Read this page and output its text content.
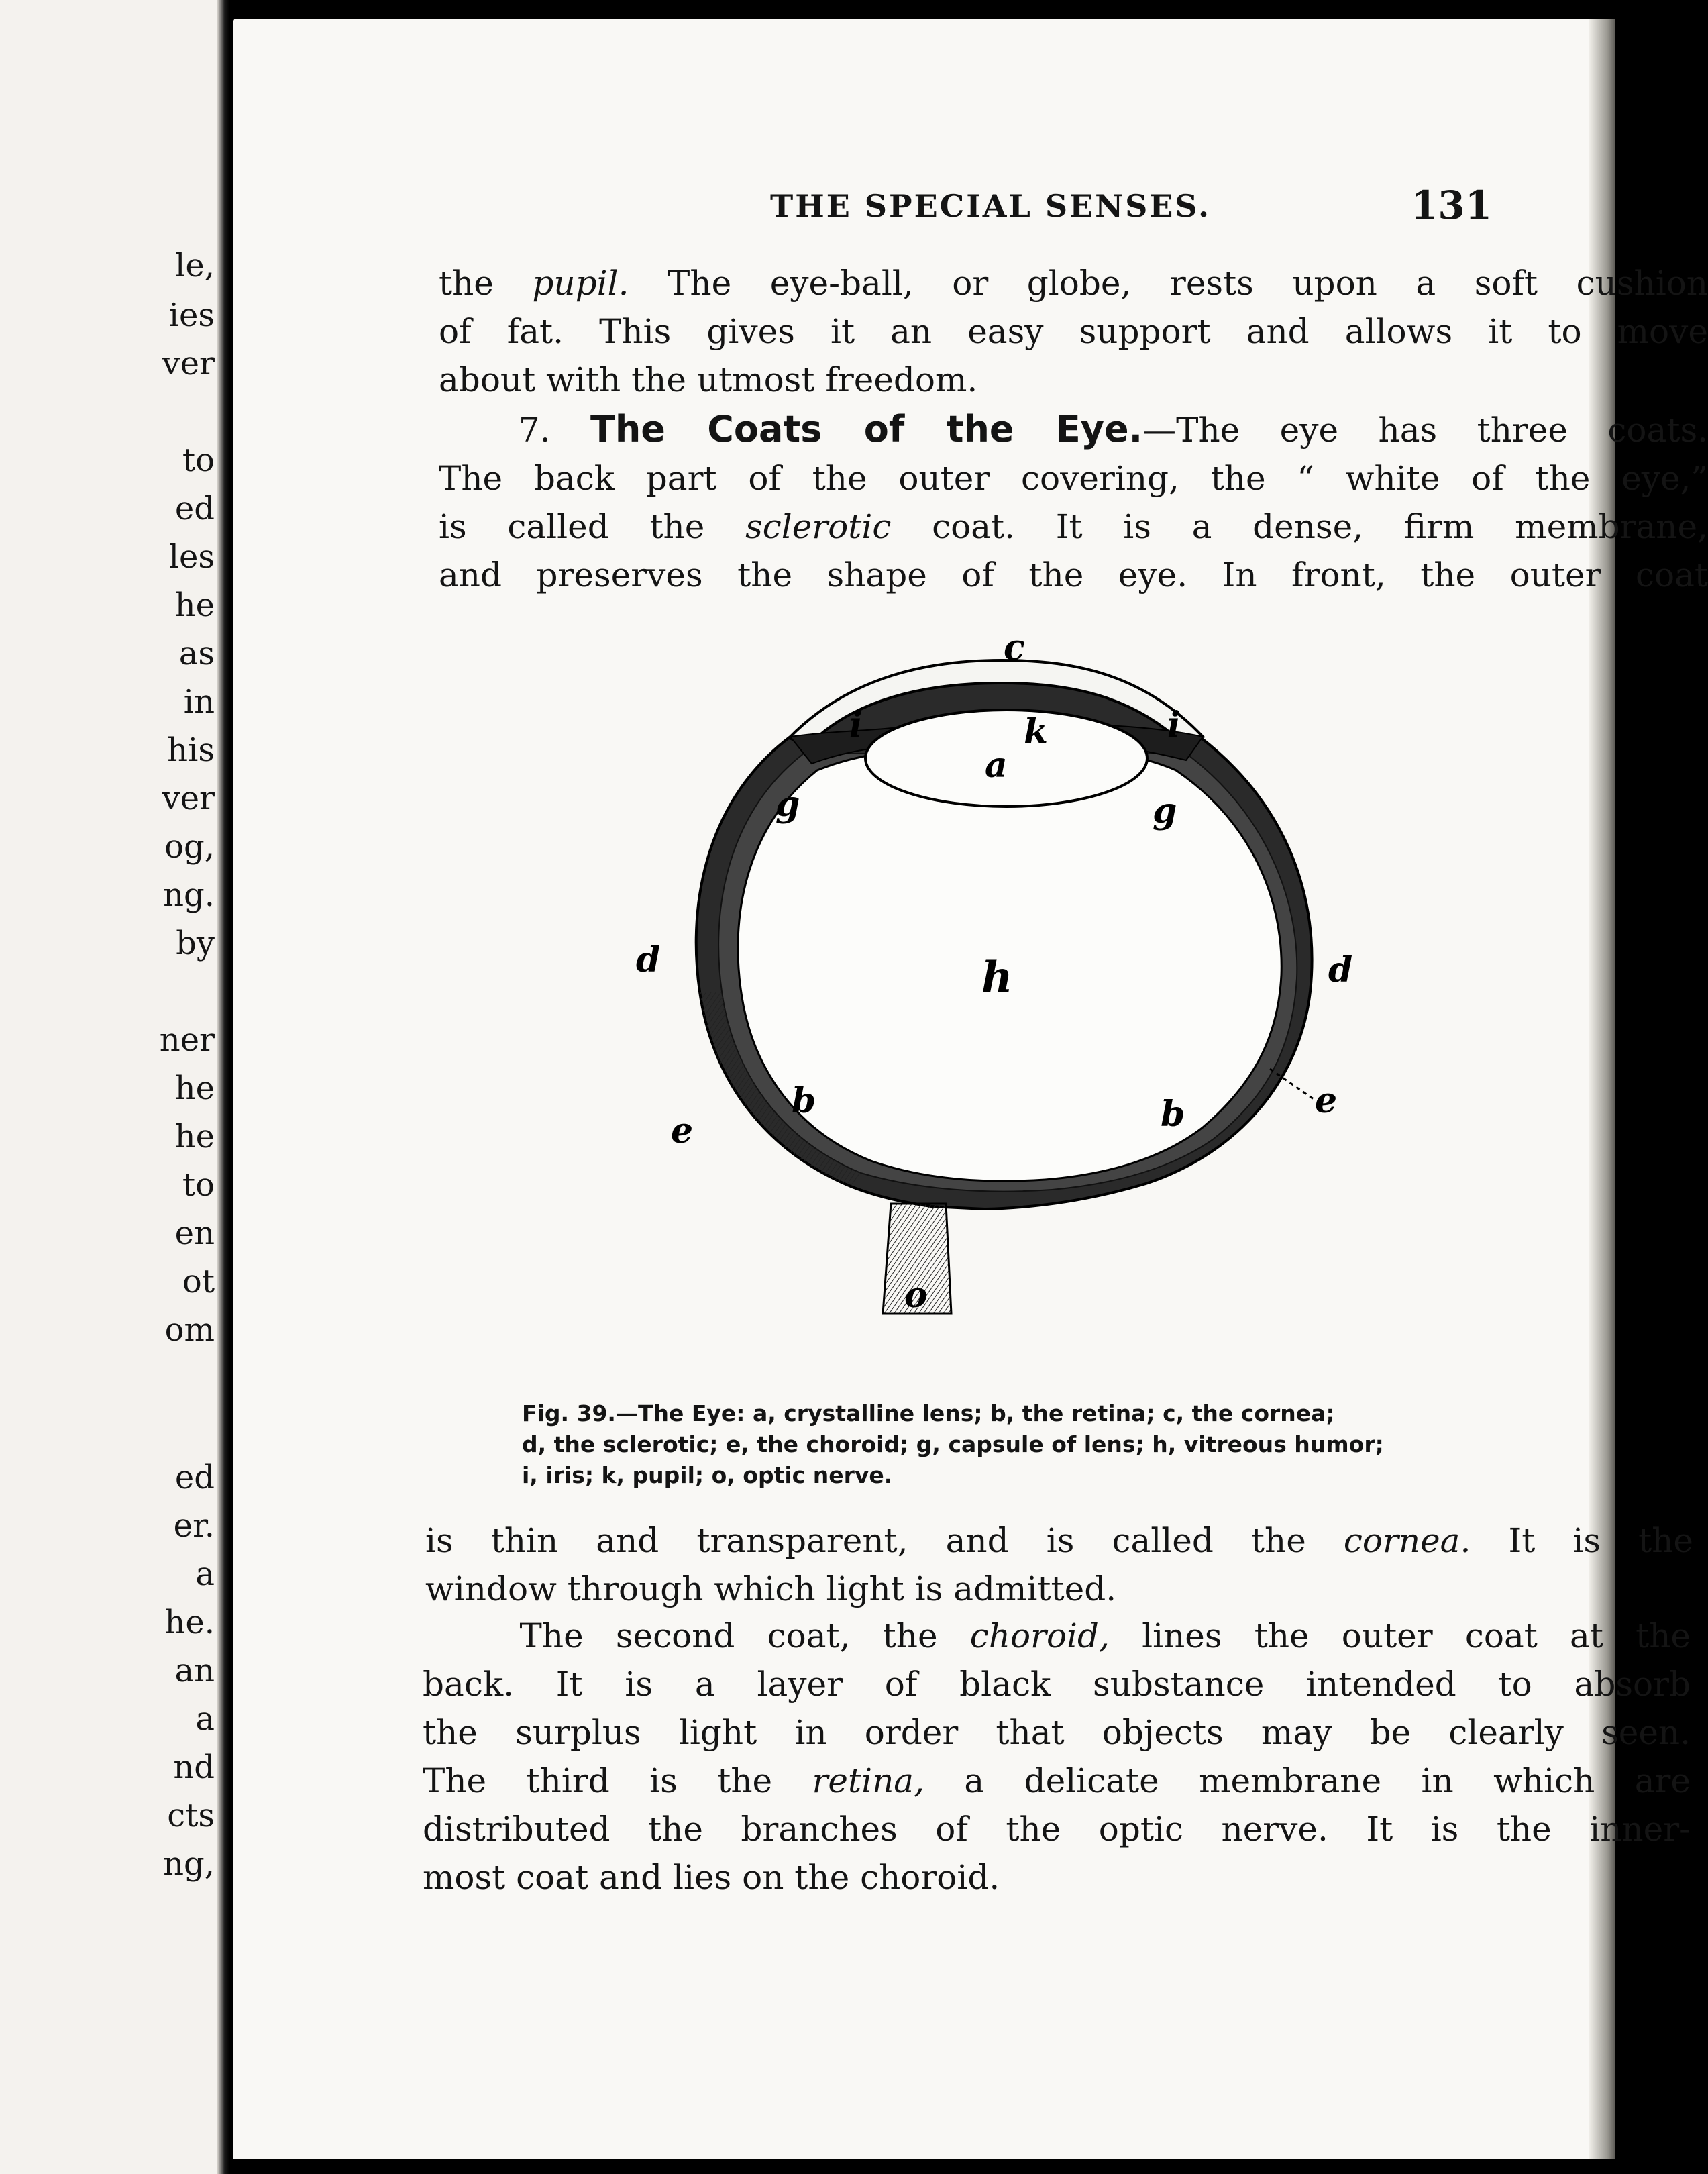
le,
ies
ver
to
ed
les
he
as
in
his
ver
og,
ng.
by
ner
he
he
to
en
ot
om
ed
er.
a
he.
an
a
nd
cts
ng,
THE SPECIAL SENSES.	131
the pupil. The eye-ball, or globe, rests upon a soft cushion
of fat. This gives it an easy support and allows it to move
about with the utmost freedom.
7. The Coats of the Eye.—The eye has three coats.
The back part of the outer covering, the “ white of the eye,”
is called the sclerotic coat. It is a dense, firm membrane,
and preserves the shape of the eye. In front, the outer coat
c
i	i
k
a
g	g
d	d
h
e
e
b	b
o
Fig. 39.—The Eye: a, crystalline lens; b, the retina; c, the cornea;
d, the sclerotic; e, the choroid; g, capsule of lens; h, vitreous humor;
i, iris; k, pupil; o, optic nerve.
is thin and transparent, and is called the cornea. It is the
window through which light is admitted.
The second coat, the choroid, lines the outer coat at the
back. It is a layer of black substance intended to absorb
the surplus light in order that objects may be clearly seen.
The third is the retina, a delicate membrane in which are
distributed the branches of the optic nerve. It is the inner-
most coat and lies on the choroid.
